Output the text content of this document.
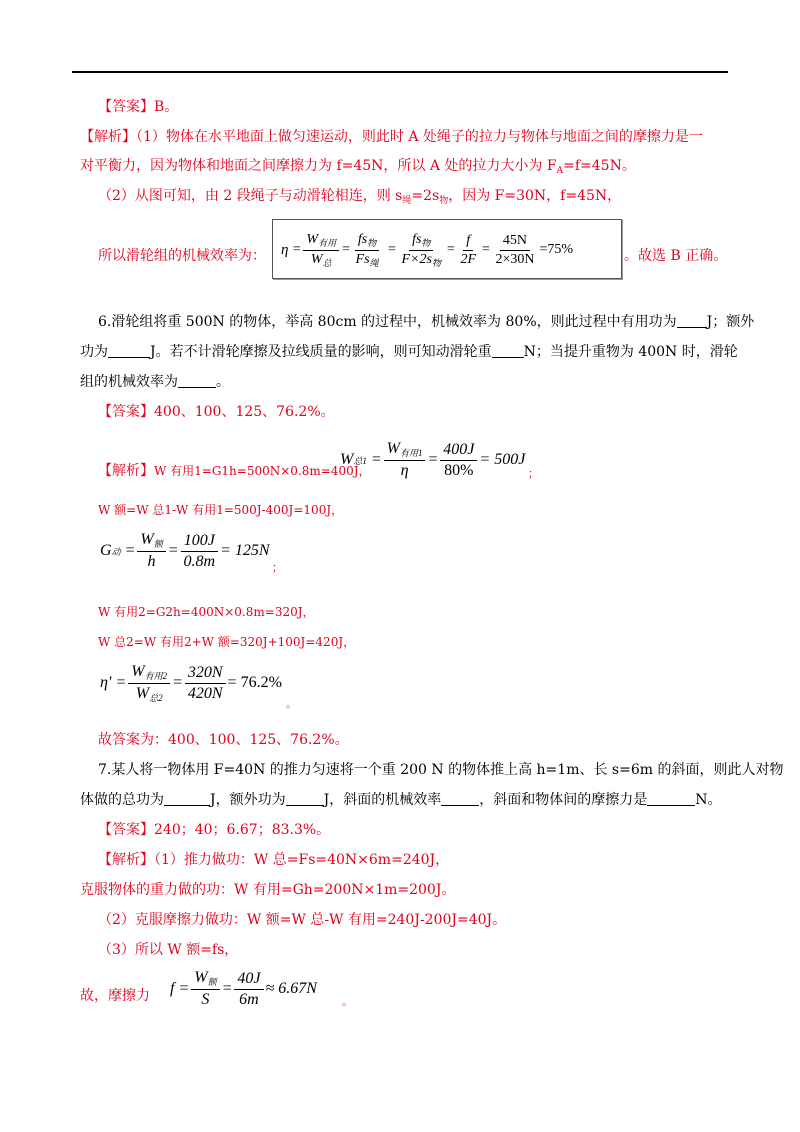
【答案】B。
【解析】（1）物体在水平地面上做匀速运动，则此时 A 处绳子的拉力与物体与地面之间的摩擦力是一
对平衡力，因为物体和地面之间摩擦力为 f=45N，所以 A 处的拉力大小为 $F_A=f=45N$。
（2）从图可知，由 2 段绳子与动滑轮相连，则 $s_绳=2s_物$，因为 F=30N，f=45N，
所以滑轮组的机械效率为： $\eta = \frac{W_{有用}}{W_总} = \frac{fs_物}{Fs_绳} = \frac{fs_物}{F\times 2s_物} = \frac{f}{2F} = \frac{45N}{2\times 30N} =75\%$	。故选 B 正确。
6.滑轮组将重 500N 的物体，举高 80cm 的过程中，机械效率为 80%，则此过程中有用功为 J；额外
功为	J。若不计滑轮摩擦及拉线质量的影响，则可知动滑轮重 N；当提升重物为 400N 时，滑轮
组的机械效率为	。
【答案】400、100、125、76.2%。
【解析】W 有用1=G1h=500N×0.8m=400J，
W 总$1 = \frac{W_{有用1}}{\eta} = \frac{400J}{80\%} = 500J$
；
W 额=W 总1-W 有用1=500J-400J=100J，
G 动 = $\frac{W_额}{h} = \frac{100J}{0.8m} = 125N$
；
W 有用2=G2h=400N×0.8m=320J，
W 总2=W 有用2+W 额=320J+100J=420J，
$\eta' = \frac{W_{有用2}}{W_{总2}} = \frac{320N}{420N} = 76.2\%$
。
故答案为：400、100、125、76.2%。
7.某人将一物体用 F=40N 的推力匀速将一个重 200 N 的物体推上高 h=1m、长 s=6m 的斜面，则此人对物
体做的总功为	J，额外功为	J，斜面的机械效率	，斜面和物体间的摩擦力是	N。
【答案】240；40；6.67；83.3%。
【解析】（1）推力做功：W 总=Fs=40N×6m=240J，
克服物体的重力做的功：W 有用=Gh=200N×1m=200J。
（2）克服摩擦力做功：W 额=W 总-W 有用=240J-200J=40J。
（3）所以 W 额=fs，
故，摩擦力 $f = \frac{W_额}{S} = \frac{40J}{6m} \approx 6.67N$
。
